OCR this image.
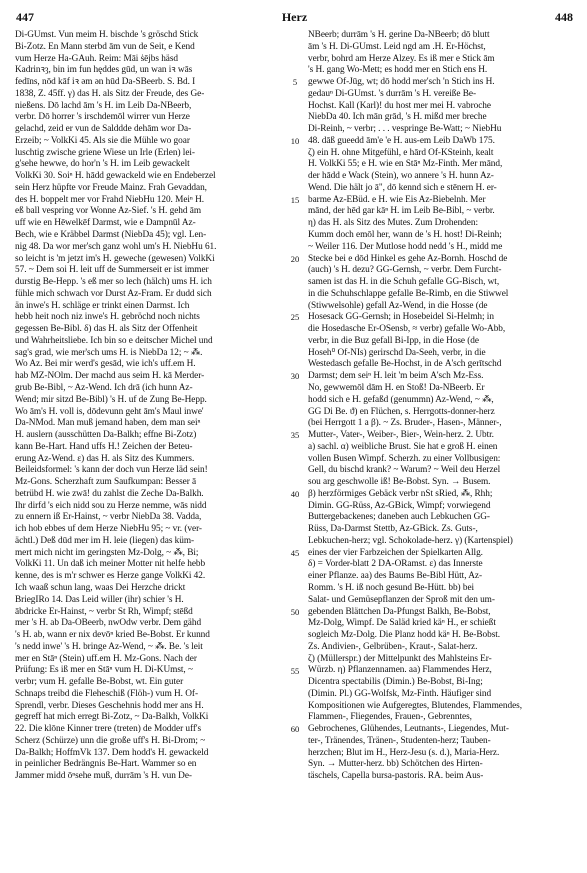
447	Herz	448
Di-GUmst. Vun meim H. bischde 's gröschd Stick
Bi-Zotz. En Mann sterbd ām vun de Seit, e Kend
vum Herze Ha-GAuh. Reim: Māi ṡējbs häsd
Kadrinꝛȝ, bin im fun hęddes gūd, un wan iꝛ wās
fedīns, nōd kāf iꝛ əm ən hūd Da-SBeerb. S. Bd. I
1838, Z. 45ff. γ) das H. als Sitz der Freude, des Ge-
nießens. Dō lachd ām 's H. im Leib Da-NBeerb,
verbr. Dō horrer 's irschdemōl wirrer vun Herze
gelachd, zeid er vun de Salddde dehām wor Da-
Erzeib; ~ VolkKi 45. Als sie die Mühle wo goar
luschtig zwische griene Wiese un Irle (Erlen) lei-
g'sehe hewwe, do hor'n 's H. im Leib gewackelt
VolkKi 30. Soiⁿ H. hādd gewackeld wie en Endeberzel
sein Herz hüpfte vor Freude Mainz. Frah Gevaddan,
des H. boppelt mer vor Frahd NiebHu 120. Meiⁿ H.
eß ball vespring vor Wonne Az-Sief. 's H. gehd ām
uff wie en Hēwelkēf Darmst, wie e Dampnūl Az-
Bech, wie e Kräbbel Darmst (NiebDa 45); vgl. Len-
nig 48. Da wor mer'sch ganz wohl um's H. NiebHu 61.
so leicht is 'm jetzt im's H. geweche (gewesen) VolkKi
57. ~ Dem soi H. leit uff de Summerseit er ist immer
durstig Be-Hepp. 's eß mer so lech (hälch) ums H. ich
fühle mich schwach vor Durst Az-Fram. Er dudd sich
än inwe's H. schläge er trinkt einen Darmst. Ich
hebb heit noch niz inwe's H. gebröchd noch nichts
gegessen Be-Bibl. δ) das H. als Sitz der Offenheit
und Wahrheitsliebe. Ich bin so e deitscher Michel und
sag's grad, wie mer'sch ums H. is NiebDa 12; ~ ⁂.
Wo Az. Bei mir werd's gesād, wie ich's uff.em H.
hab MZ-NOlm. Der machd aus seim H. kā Merder-
grub Be-Bibl, ~ Az-Wend. Ich drā (ich hunn Az-
Wend; mir sitzd Be-Bibl) 's H. uf de Zung Be-Hepp.
Wo ām's H. voll is, dōdevunn geht ām's Maul inwe'
Da-NMod. Man muß jemand haben, dem man seiⁿ
H. auslern (ausschütten Da-Balkh; effne Bi-Zotz)
kann Be-Hart. Hand uffs H.! Zeichen der Beteu-
erung Az-Wend. ε) das H. als Sitz des Kummers.
Beileidsformel: 's kann der doch vun Herze läd sein!
Mz-Gons. Scherzhaft zum Saufkumpan: Besser ā
betrübd H. wie zwā! du zahlst die Zeche Da-Balkh.
Ihr dirfd 's eich nidd sou zu Herze nemme, wās nidd
zu ennern iß Er-Hainst, ~ verbr NiebDa 38. Vadda,
ich hob ebbes uf dem Herze NiebHu 95; ~ vr. (ver-
ächtl.) Deß dūd mer im H. leie (liegen) das küm-
mert mich nicht im geringsten Mz-Dolg, ~ ⁂, Bi;
VolkKi 11. Un daß ich meiner Motter nit helfe hebb
kenne, des is m'r schwer es Herze gange VolkKi 42.
Ich waaß schun lang, waas Dei Herzche drickt
BriegIRo 14. Das Leid willer (ihr) schier 's H.
ābdricke Er-Hainst, ~ verbr St Rh, Wimpf; stēßd
mer 's H. ab Da-OBeerb, nwOdw verbr. Dem gähd
's H. ab, wann er nix devōⁿ kried Be-Bobst. Er kunnd
's nedd inwe' 's H. bringe Az-Wend, ~ ⁂. Be. 's leit
mer en Stāⁿ (Stein) uff.em H. Mz-Gons. Nach der
Prüfung: Es iß mer en Stāⁿ vum H. Di-KUmst, ~
verbr; vum H. gefalle Be-Bobst, wt. Ein guter
Schnaps treibd die Fleheschiß (Flöh-) vum H. Of-
Sprendl, verbr. Dieses Geschehnis hodd mer ans H.
gegreff hat mich erregt Bi-Zotz, ~ Da-Balkh, VolkKi
22. Die klōne Kinner trere (treten) de Modder uff's
Scherz (Schürze) unn die große uff's H. Bi-Drom; ~
Da-Balkh; HoffmVk 137. Dem hodd's H. gewackeld
in peinlicher Bedrängnis Be-Hart. Wammer so en
Jammer midd ōⁿsehe muß, durrām 's H. vun De-
5
10
15
20
25
30
35
40
45
50
55
60
NBeerb; durrām 's H. gerine Da-NBeerb; dō blutt
ām 's H. Di-GUmst. Leid ngd am .H. Er-Höchst,
verbr, bohrd am Herze Alzey. Es iß mer e Stick ām
's H. gang Wo-Mett; es hodd mer en Stich ens H.
gewwe Of-Jūg, wt; dō hodd mer'sch 'n Stich ins H.
gedauⁿ Di-GUmst. 's durrām 's H. vereiße Be-
Hochst. Kall (Karl)! du host mer mei H. vabroche
NiebDa 40. Ich mān grād, 's H. mißd mer breche
Di-Reinh, ~ verbr; . . . vespringe Be-Watt; ~ NiebHu
48. dāß gueedd ām'e 'e H. aus-em Leib DaWb 175.
ζ) ein H. ohne Mitgefühl, e hārd Of-KSteinh, kealt
H. VolkKi 55; e H. wie en Stāⁿ Mz-Finth. Mer mānd,
der hādd e Wack (Stein), wo annere 's H. hunn Az-
Wend. Die hält jo ā", dō kennd sich e stēnern H. er-
barme Az-EBüd. e H. wie Eis Az-Biebelnh. Mer
mānd, der hēd gar kāⁿ H. im Leib Be-Bibl, ~ verbr.
η) das H. als Sitz des Mutes. Zum Drohenden:
Kumm doch emōl her, wann de 's H. host! Di-Reinh;
~ Weiler 116. Der Mutlose hodd nedd 's H., midd me
Stecke bei e dōd Hinkel es gehe Az-Bornh. Hoschd de
(auch) 's H. dezu? GG-Gernsh, ~ verbr. Dem Furcht-
samen ist das H. in die Schuh gefalle GG-Bisch, wt,
in die Schuhschlappe gefalle Be-Rimb, en die Stiwwel
(Stiwwelsohle) gefall Az-Wend, in die Hosse (de
Hosesack GG-Gernsh; in Hosebeidel Si-Helmh; in
die Hosedasche Er-OSensb, ≈ verbr) gefalle Wo-Abb,
verbr, in die Buz gefall Bi-Ipp, in die Hose (de
Hoseh⁰ Of-NIs) gerirschd Da-Seeh, verbr, in die
Westedasch gefalle Be-Hochst, in de Ä'sch gerītschd
Darmst; dem seiⁿ H. leit 'm beim Ā'sch Mz-Ess.
No, gewwemōl dām H. en Stoß! Da-NBeerb. Er
hodd sich e H. gefaßd (genummn) Az-Wend, ~ ⁂,
GG Di Be. ϑ) en Flüchen, s. Herrgotts-donner-herz
(bei Herrgott 1 a β). ~ Zs. Bruder-, Hasen-, Männer-,
Mutter-, Vater-, Weiber-, Bier-, Wein-herz. 2. Übtr.
a) sachl. α) weibliche Brust. Sie hat e groß H. einen
vollen Busen Wimpf. Scherzh. zu einer Vollbusigen:
Gell, du bischd krank? ~ Warum? ~ Weil deu Herzel
sou arg geschwolle iß! Be-Bobst. Syn. → Busem.
β) herzförmiges Gebäck verbr nSt sRied, ⁂, Rhh;
Dimin. GG-Rüss, Az-GBick, Wimpf; vorwiegend
Buttergebackenes; daneben auch Lebkuchen GG-
Rüss, Da-Darmst Stettb, Az-GBick. Zs. Guts-,
Lebkuchen-herz; vgl. Schokolade-herz. γ) (Kartenspiel)
eines der vier Farbzeichen der Spielkarten Allg.
δ) = Vorder-blatt 2 DA-ORamst. ε) das Innerste
einer Pflanze. aa) des Baums Be-Bibl Hütt, Az-
Romm. 's H. iß noch gesund Be-Hütt. bb) bei
Salat- und Gemüsepflanzen der Sproß mit den um-
gebenden Blättchen Da-Pfungst Balkh, Be-Bobst,
Mz-Dolg, Wimpf. De Saläd kried käⁿ H., er schießt
sogleich Mz-Dolg. Die Planz hodd käⁿ H. Be-Bobst.
Zs. Andivien-, Gelbrüben-, Kraut-, Salat-herz.
ζ) (Müllerspr.) der Mittelpunkt des Mahlsteins Er-
Würzb. η) Pflanzennamen. aa) Flammendes Herz,
Dicentra spectabilis (Dimin.) Be-Bobst, Bi-Ing;
(Dimin. Pl.) GG-Wolfsk, Mz-Finth. Häufiger sind
Kompositionen wie Aufgeregtes, Blutendes, Flammendes,
Flammen-, Fliegendes, Frauen-, Gebrenntes,
Gebrochenes, Glühendes, Leutnants-, Liegendes, Mut-
ter-, Tränendes, Tränen-, Studenten-herz; Tauben-
herzchen; Blut im H., Herz-Jesu (s. d.), Maria-Herz.
Syn. → Mutter-herz. bb) Schötchen des Hirten-
täschels, Capella bursa-pastoris. RA. beim Aus-
